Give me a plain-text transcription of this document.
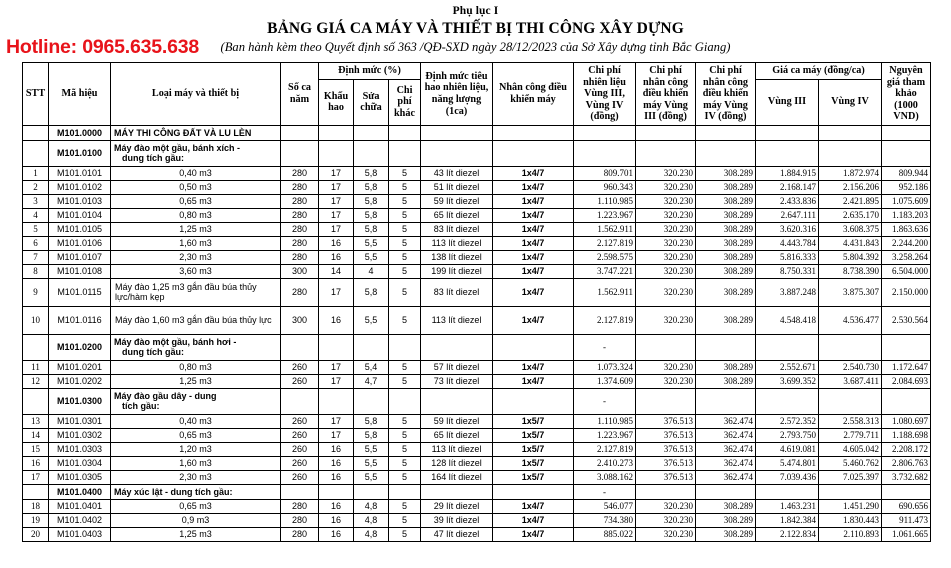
Phụ lục I
BẢNG GIÁ CA MÁY VÀ THIẾT BỊ THI CÔNG XÂY DỰNG
(Ban hành kèm theo Quyết định số 363 /QĐ-SXD ngày 28/12/2023 của Sở Xây dựng tỉnh Bắc Giang)
Hotline: 0965.635.638
STT	Mã hiệu	Loại máy và thiết bị	Số ca năm	Định mức (%)			Định mức tiêu hao nhiên liệu, năng lượng (1ca)	Nhân công điều khiển máy	Chi phí nhiên liệu Vùng III, Vùng IV (đồng)	Chi phí nhân công điều khiển máy Vùng III (đồng)	Chi phí nhân công điều khiển máy Vùng IV (đồng)	Giá ca máy (đồng/ca)		Nguyên giá tham khảo (1000 VND)
				Khấu hao	Sửa chữa	Chi phí khác						Vùng III	Vùng IV	

	M101.0000	MÁY THI CÔNG ĐẤT VÀ LU LÈN												
	M101.0100	Máy đào một gầu, bánh xích -
dung tích gầu:												

1	M101.0101	0,40 m3	280	17	5,8	5	43 lít diezel	1x4/7	809.701	320.230	308.289	1.884.915	1.872.974	809.944
2	M101.0102	0,50 m3	280	17	5,8	5	51 lít diezel	1x4/7	960.343	320.230	308.289	2.168.147	2.156.206	952.186
3	M101.0103	0,65 m3	280	17	5,8	5	59 lít diezel	1x4/7	1.110.985	320.230	308.289	2.433.836	2.421.895	1.075.609
4	M101.0104	0,80 m3	280	17	5,8	5	65 lít diezel	1x4/7	1.223.967	320.230	308.289	2.647.111	2.635.170	1.183.203
5	M101.0105	1,25 m3	280	17	5,8	5	83 lít diezel	1x4/7	1.562.911	320.230	308.289	3.620.316	3.608.375	1.863.636
6	M101.0106	1,60 m3	280	16	5,5	5	113 lít diezel	1x4/7	2.127.819	320.230	308.289	4.443.784	4.431.843	2.244.200
7	M101.0107	2,30 m3	280	16	5,5	5	138 lít diezel	1x4/7	2.598.575	320.230	308.289	5.816.333	5.804.392	3.258.264
8	M101.0108	3,60 m3	300	14	4	5	199 lít diezel	1x4/7	3.747.221	320.230	308.289	8.750.331	8.738.390	6.504.000
9	M101.0115	Máy đào 1,25 m3 gắn đầu búa thủy lực/hàm kẹp	280	17	5,8	5	83 lít diezel	1x4/7	1.562.911	320.230	308.289	3.887.248	3.875.307	2.150.000
10	M101.0116	Máy đào 1,60 m3 gắn đầu búa thủy lực	300	16	5,5	5	113 lít diezel	1x4/7	2.127.819	320.230	308.289	4.548.418	4.536.477	2.530.564
	M101.0200	Máy đào một gầu, bánh hơi -
dung tích gầu:							-					
11	M101.0201	0,80 m3	260	17	5,4	5	57 lít diezel	1x4/7	1.073.324	320.230	308.289	2.552.671	2.540.730	1.172.647
12	M101.0202	1,25 m3	260	17	4,7	5	73 lít diezel	1x4/7	1.374.609	320.230	308.289	3.699.352	3.687.411	2.084.693
	M101.0300	Máy đào gầu dây - dung
tích gầu:							-					
13	M101.0301	0,40 m3	260	17	5,8	5	59 lít diezel	1x5/7	1.110.985	376.513	362.474	2.572.352	2.558.313	1.080.697
14	M101.0302	0,65 m3	260	17	5,8	5	65 lít diezel	1x5/7	1.223.967	376.513	362.474	2.793.750	2.779.711	1.188.698
15	M101.0303	1,20 m3	260	16	5,5	5	113 lít diezel	1x5/7	2.127.819	376.513	362.474	4.619.081	4.605.042	2.208.172
16	M101.0304	1,60 m3	260	16	5,5	5	128 lít diezel	1x5/7	2.410.273	376.513	362.474	5.474.801	5.460.762	2.806.763
17	M101.0305	2,30 m3	260	16	5,5	5	164 lít diezel	1x5/7	3.088.162	376.513	362.474	7.039.436	7.025.397	3.732.682
	M101.0400	Máy xúc lật - dung tích gầu:							-					
18	M101.0401	0,65 m3	280	16	4,8	5	29 lít diezel	1x4/7	546.077	320.230	308.289	1.463.231	1.451.290	690.656
19	M101.0402	0,9 m3	280	16	4,8	5	39 lít diezel	1x4/7	734.380	320.230	308.289	1.842.384	1.830.443	911.473
20	M101.0403	1,25 m3	280	16	4,8	5	47 lít diezel	1x4/7	885.022	320.230	308.289	2.122.834	2.110.893	1.061.665
